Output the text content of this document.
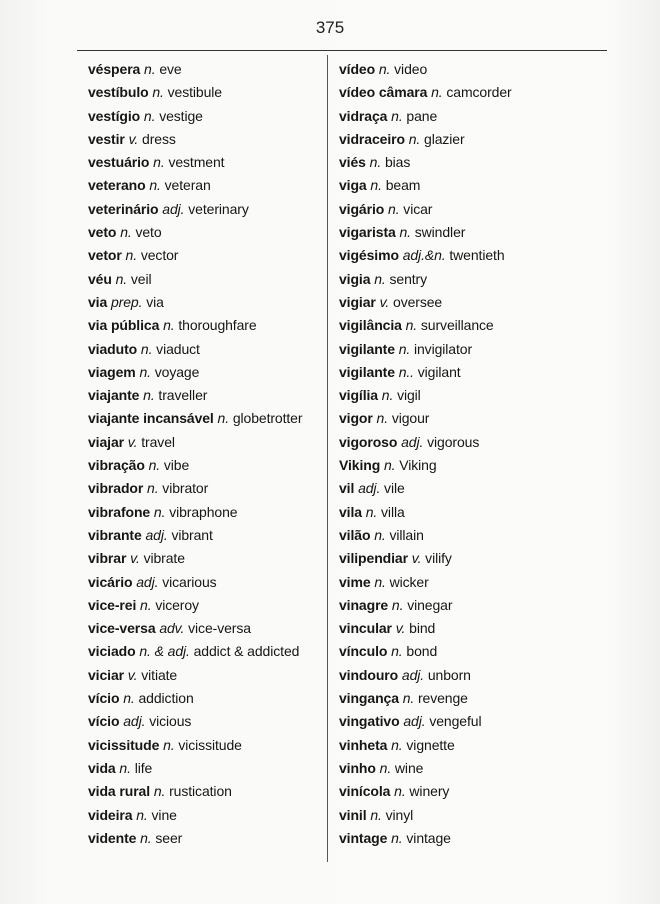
375
véspera n. eve
vestíbulo n. vestibule
vestígio n. vestige
vestir v. dress
vestuário n. vestment
veterano n. veteran
veterinário adj. veterinary
veto n. veto
vetor n. vector
véu n. veil
via prep. via
via pública n. thoroughfare
viaduto n. viaduct
viagem n. voyage
viajante n. traveller
viajante incansável n. globetrotter
viajar v. travel
vibração n. vibe
vibrador n. vibrator
vibrafone n. vibraphone
vibrante adj. vibrant
vibrar v. vibrate
vicário adj. vicarious
vice-rei n. viceroy
vice-versa adv. vice-versa
viciado n. & adj. addict & addicted
viciar v. vitiate
vício n. addiction
vício adj. vicious
vicissitude n. vicissitude
vida n. life
vida rural n. rustication
videira n. vine
vidente n. seer
vídeo n. video
vídeo câmara n. camcorder
vidraça n. pane
vidraceiro n. glazier
viés n. bias
viga n. beam
vigário n. vicar
vigarista n. swindler
vigésimo adj.&n. twentieth
vigia n. sentry
vigiar v. oversee
vigilância n. surveillance
vigilante n. invigilator
vigilante n.. vigilant
vigília n. vigil
vigor n. vigour
vigoroso adj. vigorous
Viking n. Viking
vil adj. vile
vila n. villa
vilão n. villain
vilipendiar v. vilify
vime n. wicker
vinagre n. vinegar
vincular v. bind
vínculo n. bond
vindouro adj. unborn
vingança n. revenge
vingativo adj. vengeful
vinheta n. vignette
vinho n. wine
vinícola n. winery
vinil n. vinyl
vintage n. vintage
